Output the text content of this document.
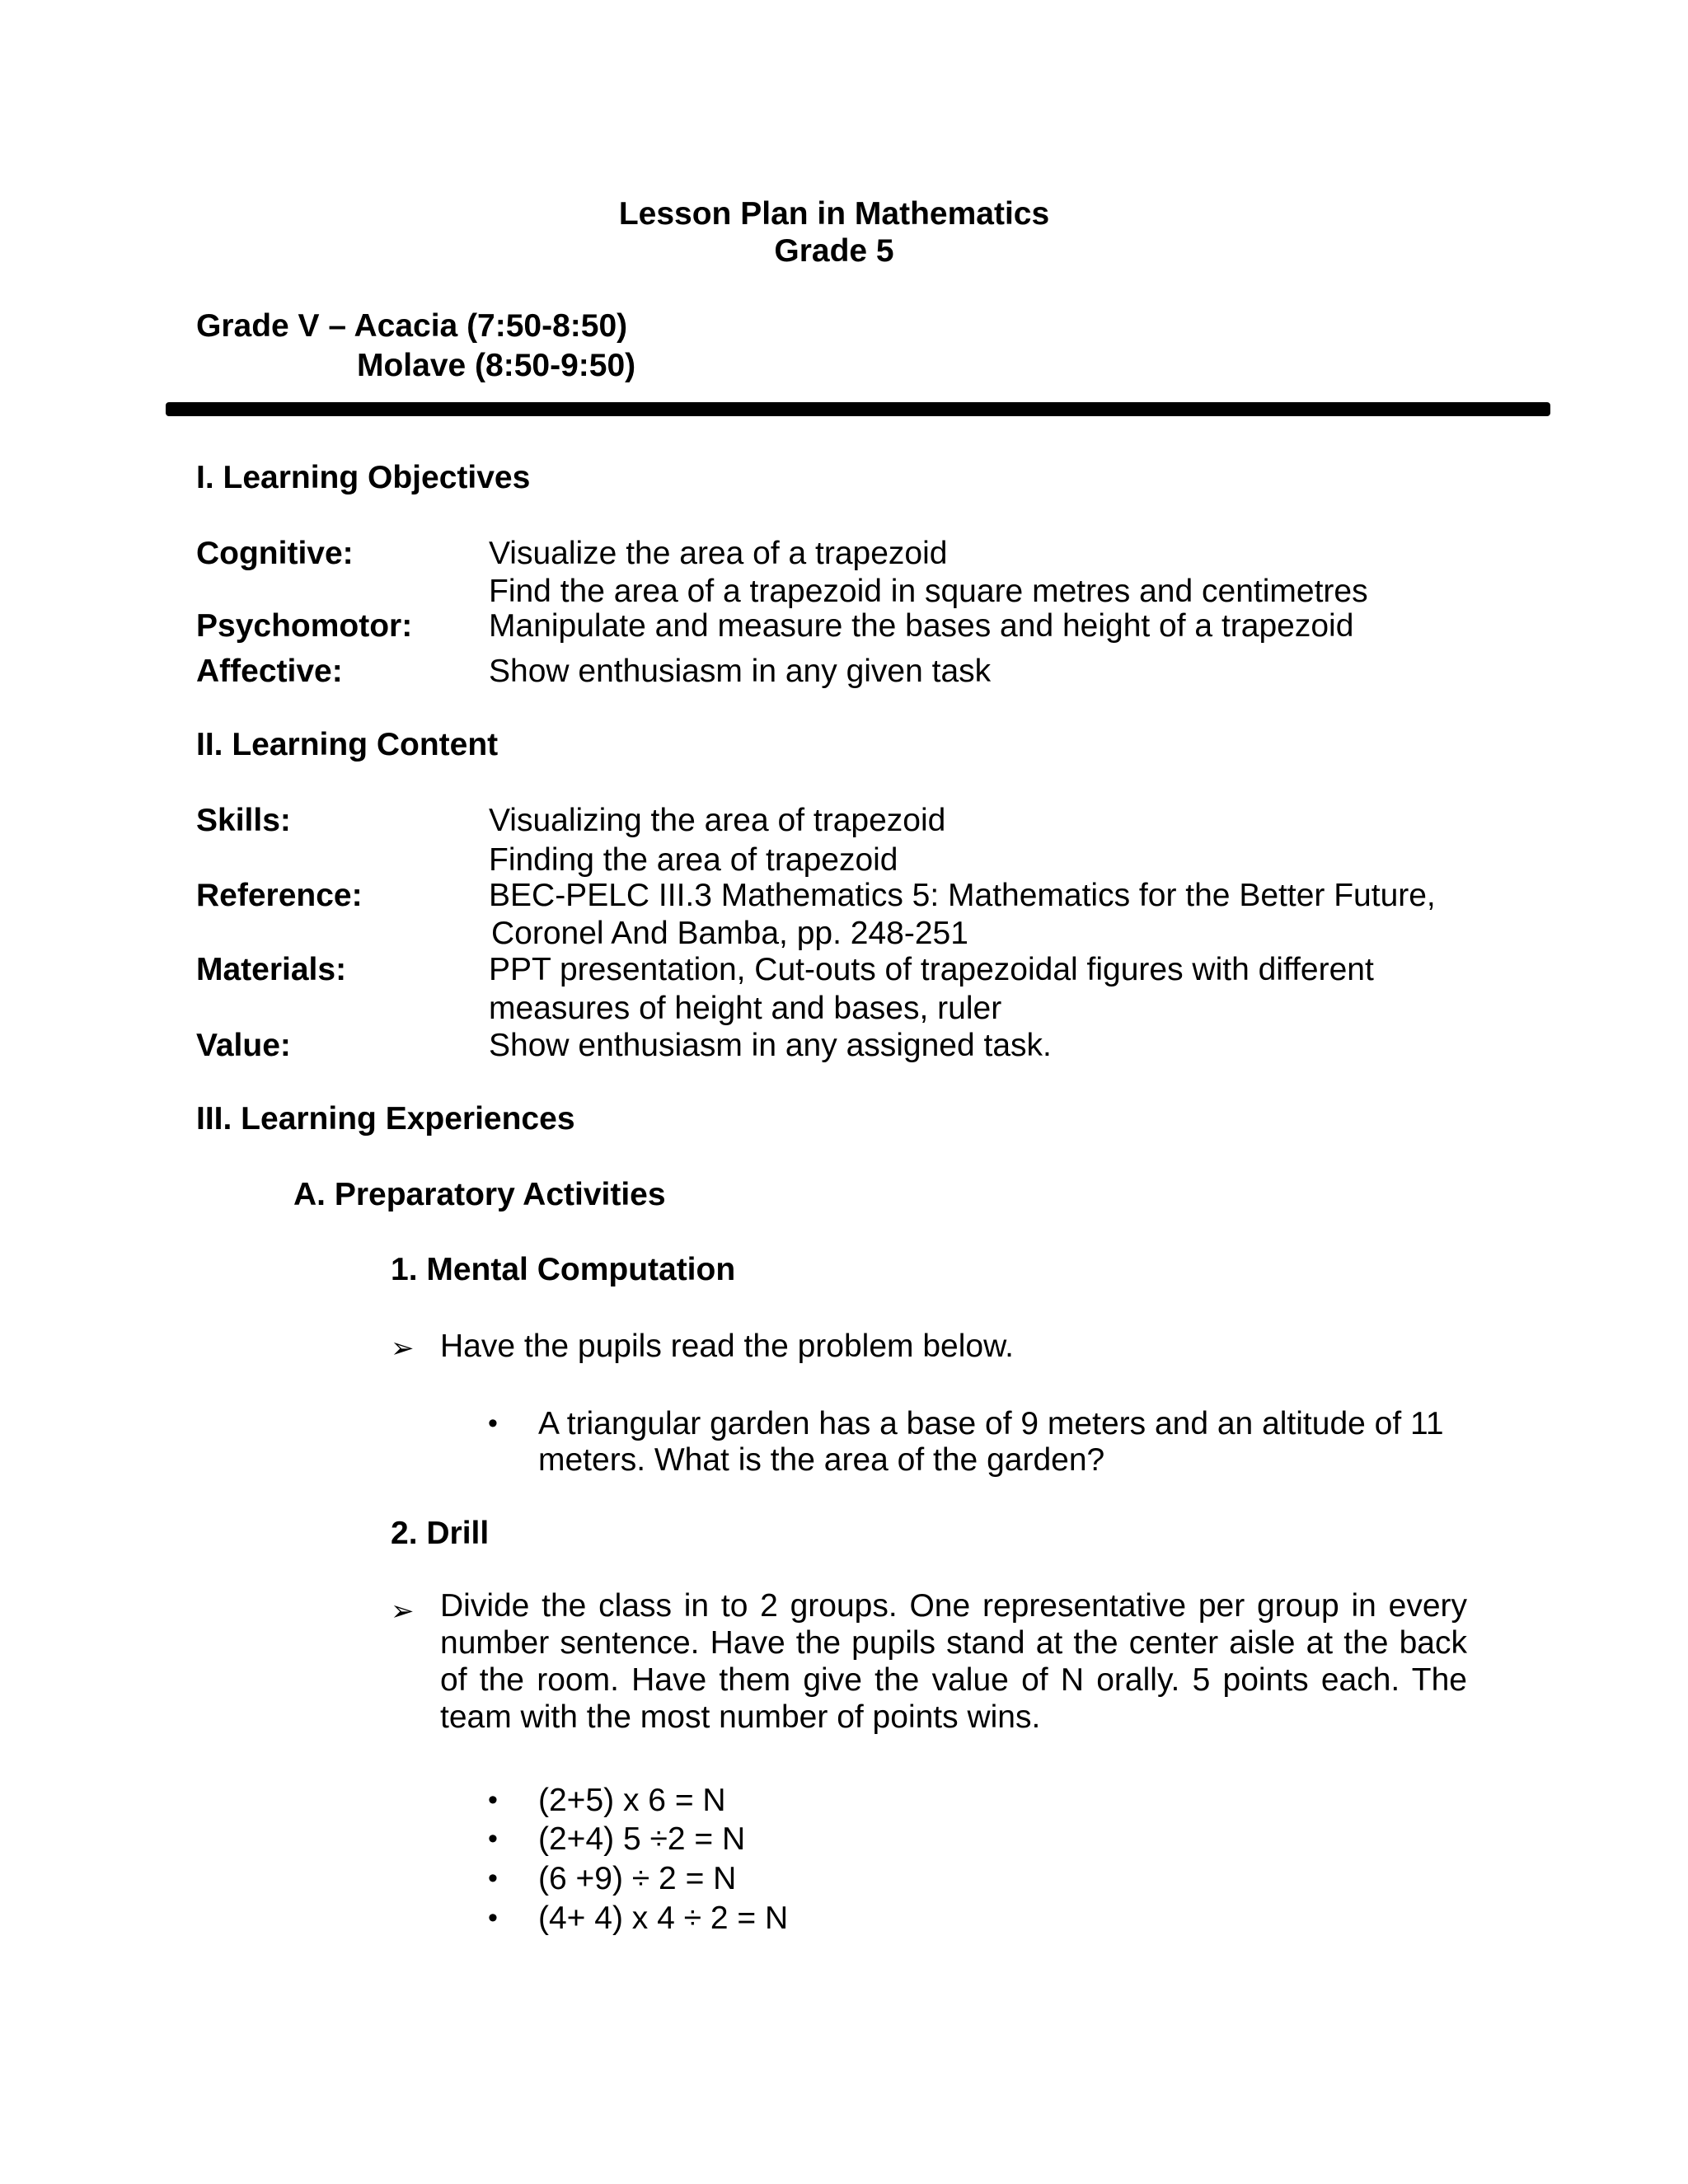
Lesson Plan in Mathematics
Grade 5
Grade V – Acacia (7:50-8:50)
Molave (8:50-9:50)
I. Learning Objectives
Cognitive:	Visualize the area of a trapezoid
Find the area of a trapezoid in square metres and centimetres
Psychomotor: Manipulate and measure the bases and height of a trapezoid
Affective:	Show enthusiasm in any given task
II. Learning Content
Skills:	Visualizing the area of trapezoid
Finding the area of trapezoid
Reference:	BEC-PELC III.3 Mathematics 5: Mathematics for the Better Future,
Coronel And Bamba, pp. 248-251
Materials:	PPT presentation, Cut-outs of trapezoidal figures with different
measures of height and bases, ruler
Value:	Show enthusiasm in any assigned task.
III. Learning Experiences
A. Preparatory Activities
1. Mental Computation
➢ Have the pupils read the problem below.
• A triangular garden has a base of 9 meters and an altitude of 11
meters. What is the area of the garden?
2. Drill
➢ Divide the class in to 2 groups. One representative per group in every
number sentence. Have the pupils stand at the center aisle at the back
of the room. Have them give the value of N orally. 5 points each. The
team with the most number of points wins.
• (2+5) x 6 = N
• (2+4) 5 ÷2 = N
• (6 +9) ÷ 2 = N
• (4+ 4) x 4 ÷ 2 = N
